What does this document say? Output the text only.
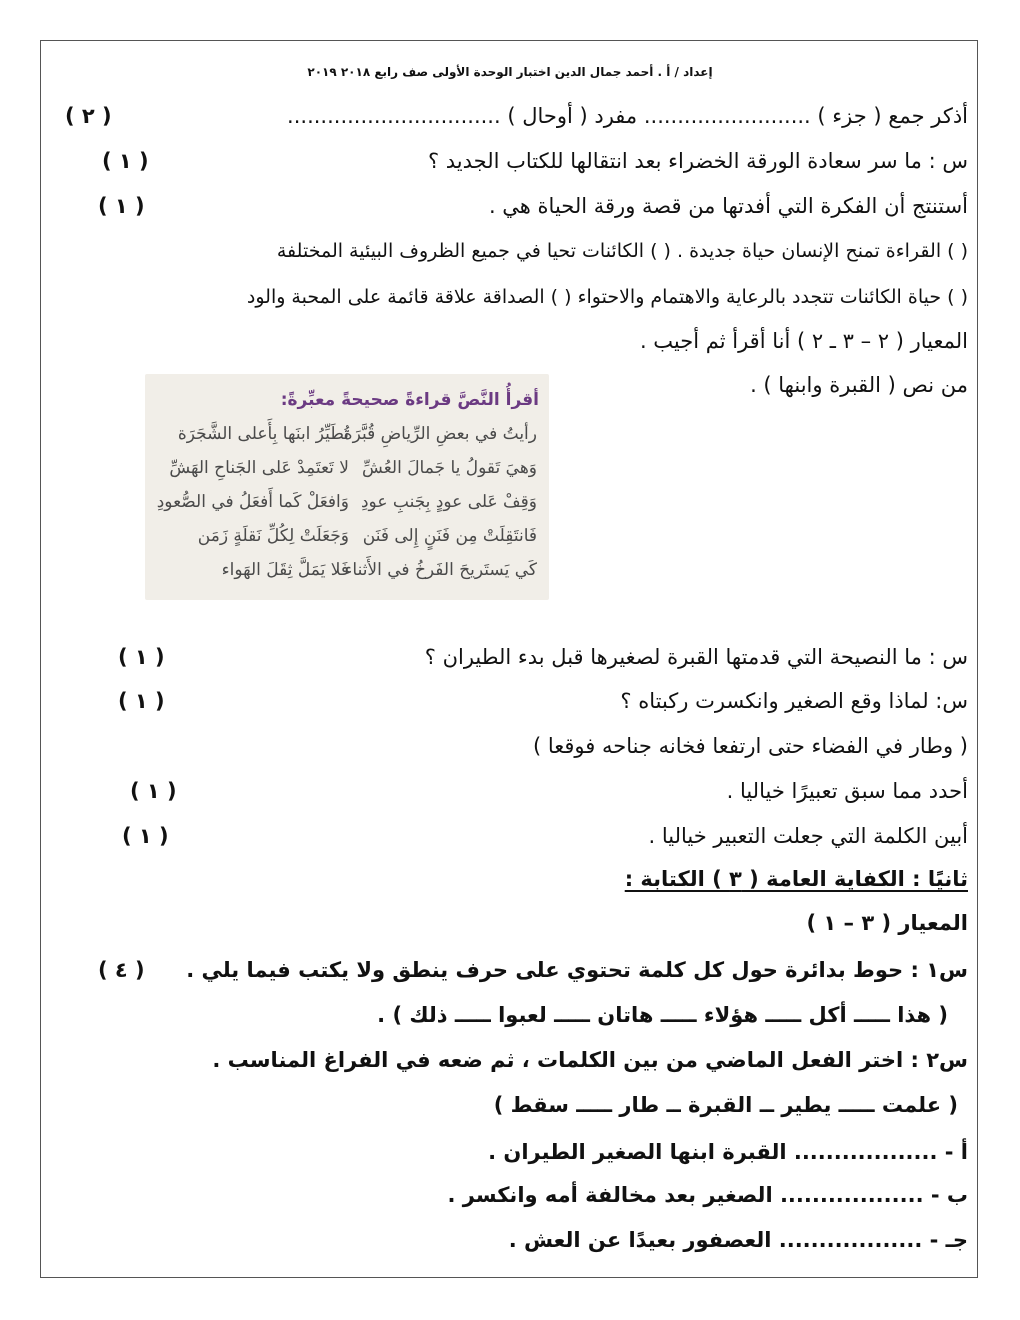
إعداد / أ . أحمد جمال الدين اختبار الوحدة الأولى صف رابع ٢٠١٨ ٢٠١٩
أذكر جمع ( جزء ) ......................... مفرد ( أوحال ) ................................
( ٢ )
س : ما سر سعادة الورقة الخضراء بعد انتقالها للكتاب الجديد ؟
( ١ )
أستنتج أن الفكرة التي أفدتها من قصة ورقة الحياة هي .
( ١ )
( ) القراءة تمنح الإنسان حياة جديدة . ( ) الكائنات تحيا في جميع الظروف البيئية المختلفة
( ) حياة الكائنات تتجدد بالرعاية والاهتمام والاحتواء ( ) الصداقة علاقة قائمة على المحبة والود
المعيار ( ٢ – ٣ ـ ٢ ) أنا أقرأ ثم أجيب .
من نص ( القبرة وابنها ) .
أقرأُ النَّصَّ قراءةً صحيحةً معبِّرةً:
رأيتُ في بعضِ الرِّياضِ قُبَّرَة
وَهيَ تَقولُ يا جَمالَ العُشِّ
وَقِفْ عَلى عودٍ بِجَنبِ عودِ
فَانتَقِلَتْ مِن فَنَنٍ إِلى فَنَن
كَي يَستَريحَ الفَرخُ في الأَثناء
تُطَيِّرُ ابنَها بِأَعلى الشَّجَرَة
لا تَعتَمِدْ عَلى الجَناحِ الهَشِّ
وَافعَلْ كَما أَفعَلُ في الصُّعودِ
وَجَعَلَتْ لِكُلِّ نَقلَةٍ زَمَن
فَلا يَمَلَّ ثِقَلَ الهَواء
س : ما النصيحة التي قدمتها القبرة لصغيرها قبل بدء الطيران ؟
( ١ )
س: لماذا وقع الصغير وانكسرت ركبتاه ؟
( ١ )
( وطار في الفضاء حتى ارتفعا فخانه جناحه فوقعا )
أحدد مما سبق تعبيرًا خياليا .
( ١ )
أبين الكلمة التي جعلت التعبير خياليا .
( ١ )
ثانيًا : الكفاية العامة ( ٣ ) الكتابة :
المعيار ( ٣ – ١ )
س١ : حوط بدائرة حول كل كلمة تحتوي على حرف ينطق ولا يكتب فيما يلي .
( ٤ )
( هذا ـــــ أكل ـــــ هؤلاء ـــــ هاتان ـــــ لعبوا ـــــ ذلك ) .
س٢ : اختر الفعل الماضي من بين الكلمات ، ثم ضعه في الفراغ المناسب .
( علمت ـــــ يطير ــ القبرة ــ طار ـــــ سقط )
أ - .................. القبرة ابنها الصغير الطيران .
ب - .................. الصغير بعد مخالفة أمه وانكسر .
جـ - .................. العصفور بعيدًا عن العش .
